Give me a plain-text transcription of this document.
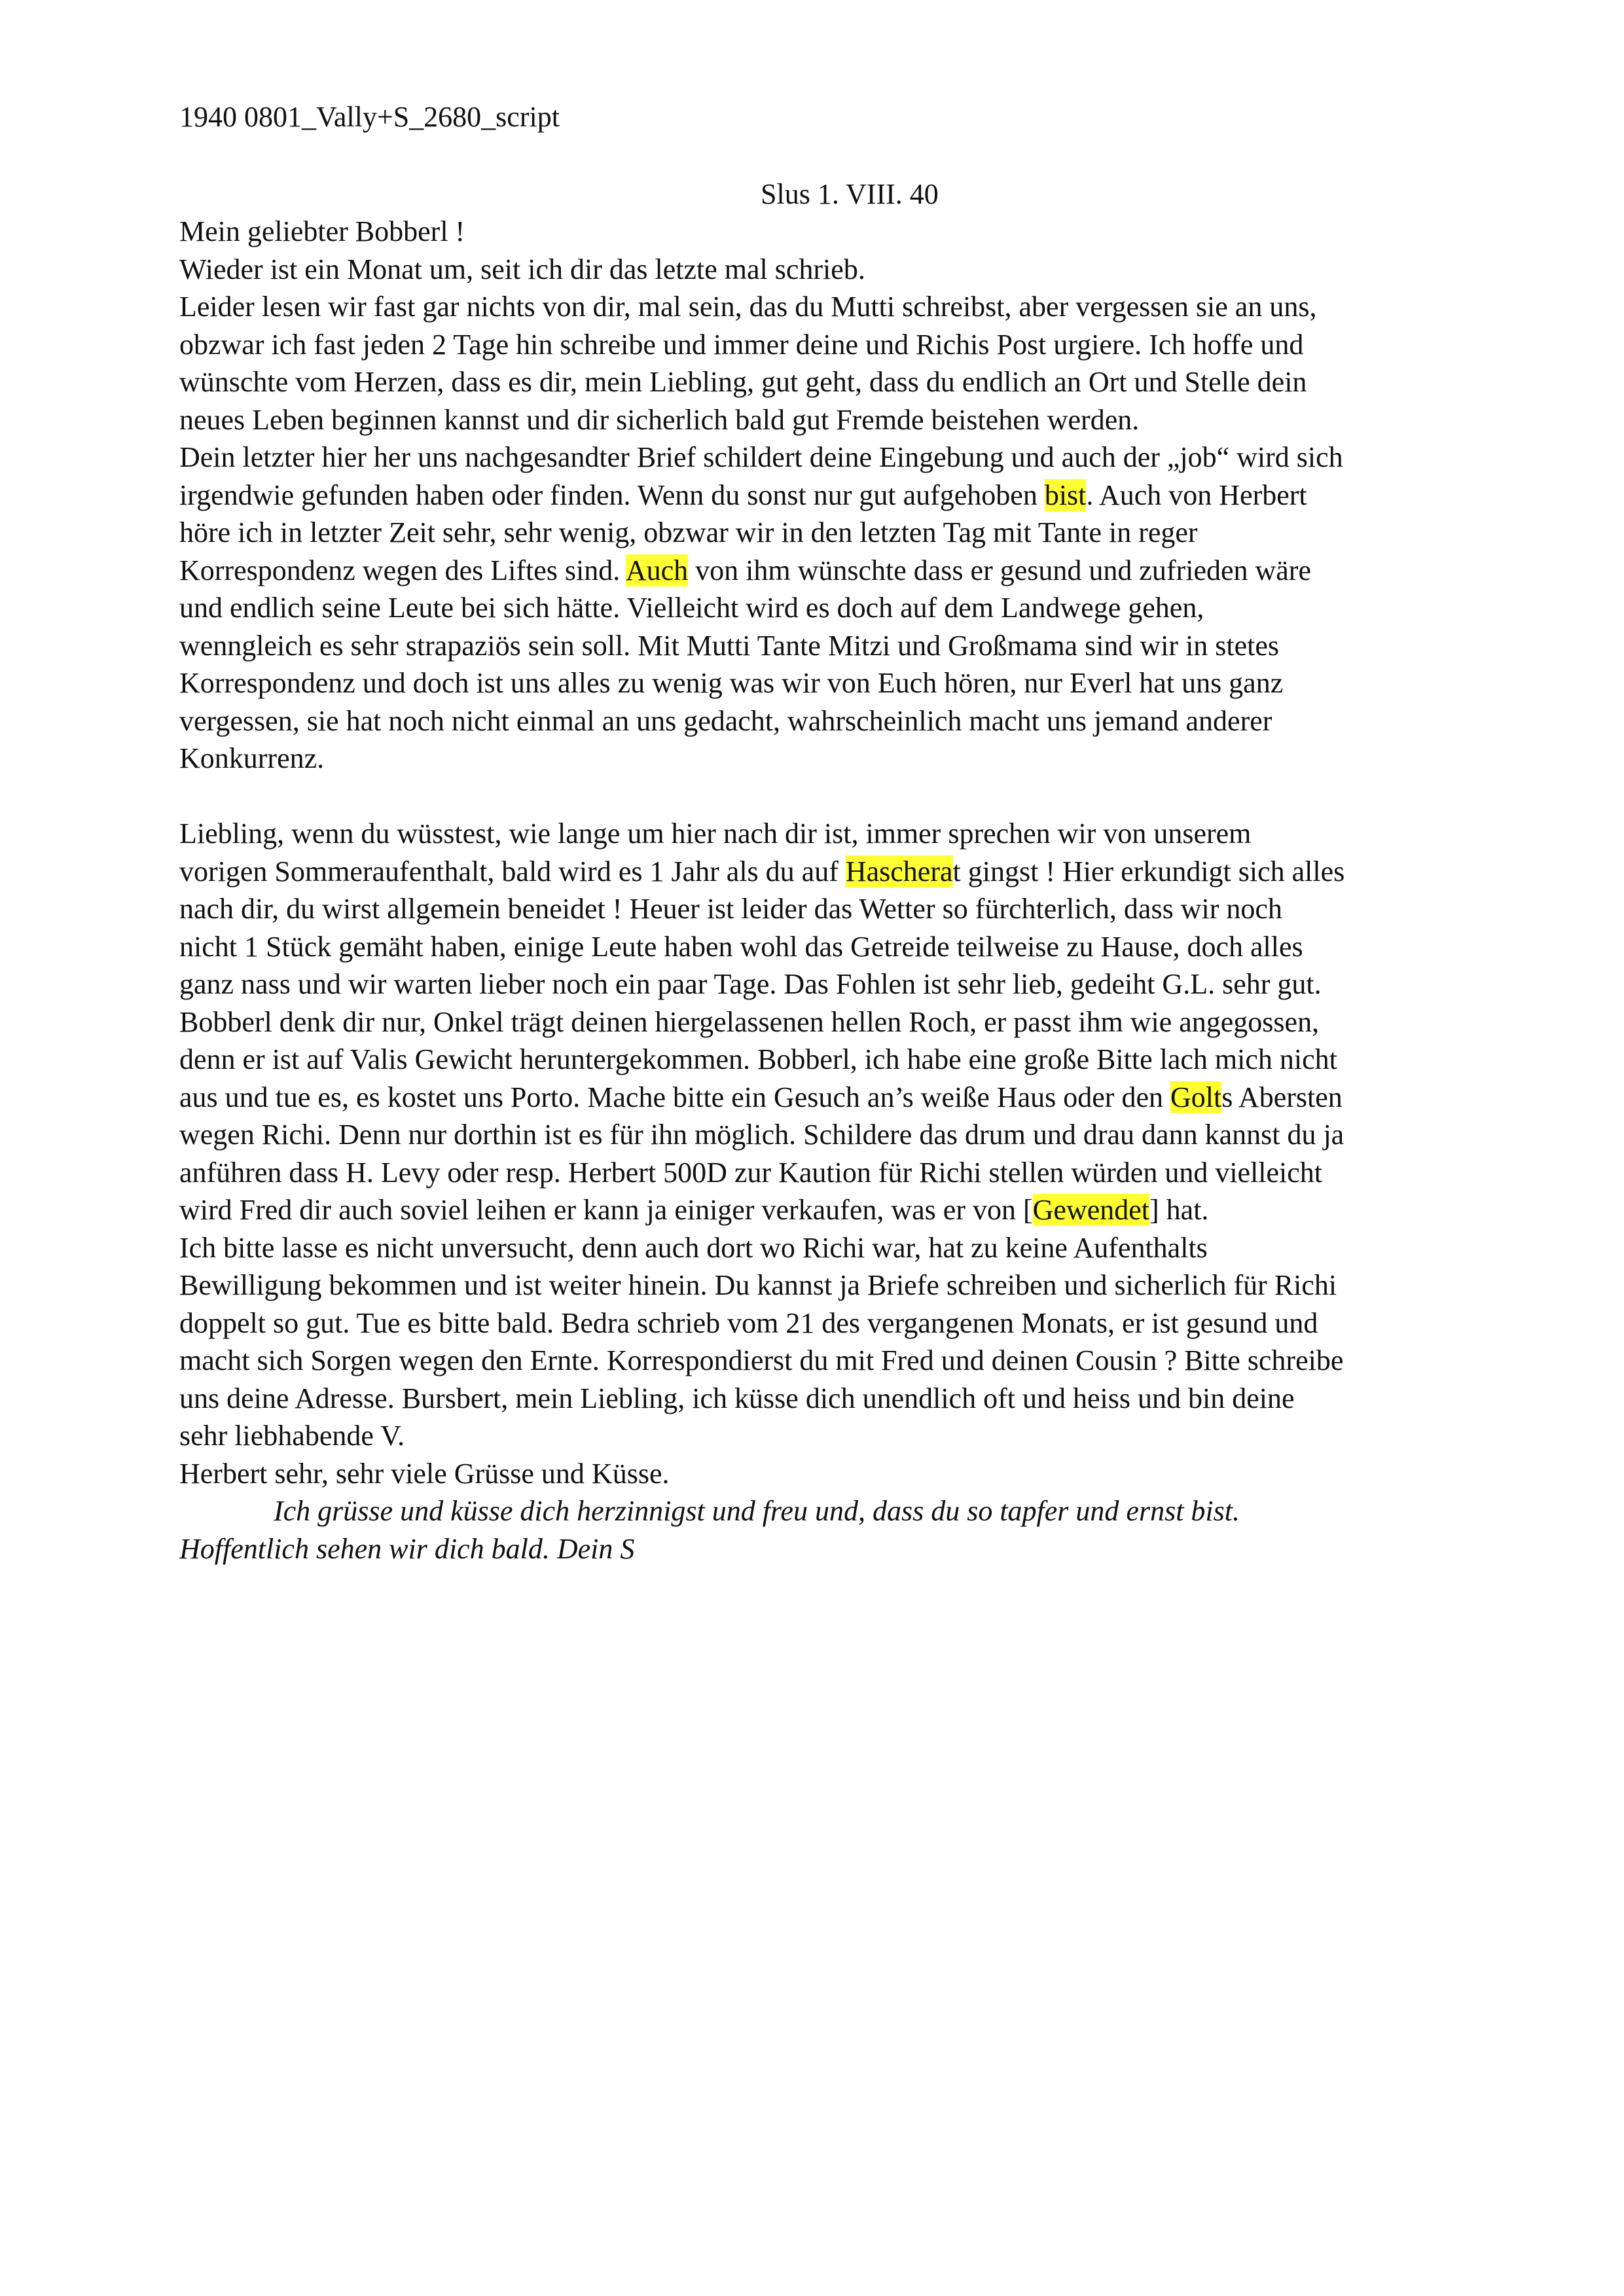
1940 0801_Vally+S_2680_script
Slus 1. VIII. 40
Mein geliebter Bobberl !
Wieder ist ein Monat um, seit ich dir das letzte mal schrieb.
Leider lesen wir fast gar nichts von dir, mal sein, das du Mutti schreibst, aber vergessen sie an uns,
obzwar ich fast jeden 2 Tage hin schreibe und immer deine und Richis Post urgiere. Ich hoffe und
wünschte vom Herzen, dass es dir, mein Liebling, gut geht, dass du endlich an Ort und Stelle dein
neues Leben beginnen kannst und dir sicherlich bald gut Fremde beistehen werden.
Dein letzter hier her uns nachgesandter Brief schildert deine Eingebung und auch der „job“ wird sich
irgendwie gefunden haben oder finden. Wenn du sonst nur gut aufgehoben bist. Auch von Herbert
höre ich in letzter Zeit sehr, sehr wenig, obzwar wir in den letzten Tag mit Tante in reger
Korrespondenz wegen des Liftes sind. Auch von ihm wünschte dass er gesund und zufrieden wäre
und endlich seine Leute bei sich hätte. Vielleicht wird es doch auf dem Landwege gehen,
wenngleich es sehr strapaziös sein soll. Mit Mutti Tante Mitzi und Großmama sind wir in stetes
Korrespondenz und doch ist uns alles zu wenig was wir von Euch hören, nur Everl hat uns ganz
vergessen, sie hat noch nicht einmal an uns gedacht, wahrscheinlich macht uns jemand anderer
Konkurrenz.
Liebling, wenn du wüsstest, wie lange um hier nach dir ist, immer sprechen wir von unserem
vorigen Sommeraufenthalt, bald wird es 1 Jahr als du auf Hascherat gingst ! Hier erkundigt sich alles
nach dir, du wirst allgemein beneidet ! Heuer ist leider das Wetter so fürchterlich, dass wir noch
nicht 1 Stück gemäht haben, einige Leute haben wohl das Getreide teilweise zu Hause, doch alles
ganz nass und wir warten lieber noch ein paar Tage. Das Fohlen ist sehr lieb, gedeiht G.L. sehr gut.
Bobberl denk dir nur, Onkel trägt deinen hiergelassenen hellen Roch, er passt ihm wie angegossen,
denn er ist auf Valis Gewicht heruntergekommen. Bobberl, ich habe eine große Bitte lach mich nicht
aus und tue es, es kostet uns Porto. Mache bitte ein Gesuch an’s weiße Haus oder den Golts Abersten
wegen Richi. Denn nur dorthin ist es für ihn möglich. Schildere das drum und drau dann kannst du ja
anführen dass H. Levy oder resp. Herbert 500D zur Kaution für Richi stellen würden und vielleicht
wird Fred dir auch soviel leihen er kann ja einiger verkaufen, was er von [Gewendet] hat.
Ich bitte lasse es nicht unversucht, denn auch dort wo Richi war, hat zu keine Aufenthalts
Bewilligung bekommen und ist weiter hinein. Du kannst ja Briefe schreiben und sicherlich für Richi
doppelt so gut. Tue es bitte bald. Bedra schrieb vom 21 des vergangenen Monats, er ist gesund und
macht sich Sorgen wegen den Ernte. Korrespondierst du mit Fred und deinen Cousin ? Bitte schreibe
uns deine Adresse. Bursbert, mein Liebling, ich küsse dich unendlich oft und heiss und bin deine
sehr liebhabende V.
Herbert sehr, sehr viele Grüsse und Küsse.
Ich grüsse und küsse dich herzinnigst und freu und, dass du so tapfer und ernst bist.
Hoffentlich sehen wir dich bald. Dein S
